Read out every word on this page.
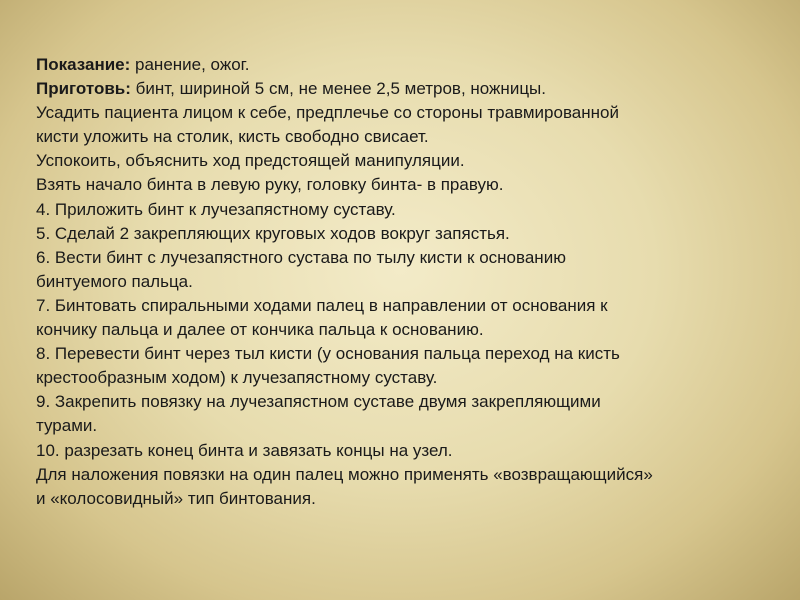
Показание: ранение, ожог.
Приготовь: бинт, шириной 5 см, не менее 2,5 метров, ножницы.
Усадить пациента лицом к себе, предплечье со стороны травмированной
кисти уложить на столик, кисть свободно свисает.
Успокоить, объяснить ход предстоящей манипуляции.
Взять начало бинта в левую руку, головку бинта- в правую.
4. Приложить бинт к лучезапястному суставу.
5. Сделай 2 закрепляющих круговых ходов вокруг запястья.
6. Вести бинт с лучезапястного сустава по тылу кисти к основанию
бинтуемого пальца.
7. Бинтовать спиральными ходами палец в направлении от основания к
кончику пальца и далее от кончика пальца к основанию.
8. Перевести бинт через тыл кисти (у основания пальца переход на кисть
крестообразным ходом) к лучезапястному суставу.
9. Закрепить повязку на лучезапястном суставе двумя закрепляющими
турами.
10. разрезать конец бинта и завязать концы на узел.
Для наложения повязки на один палец можно применять «возвращающийся»
и «колосовидный» тип бинтования.
